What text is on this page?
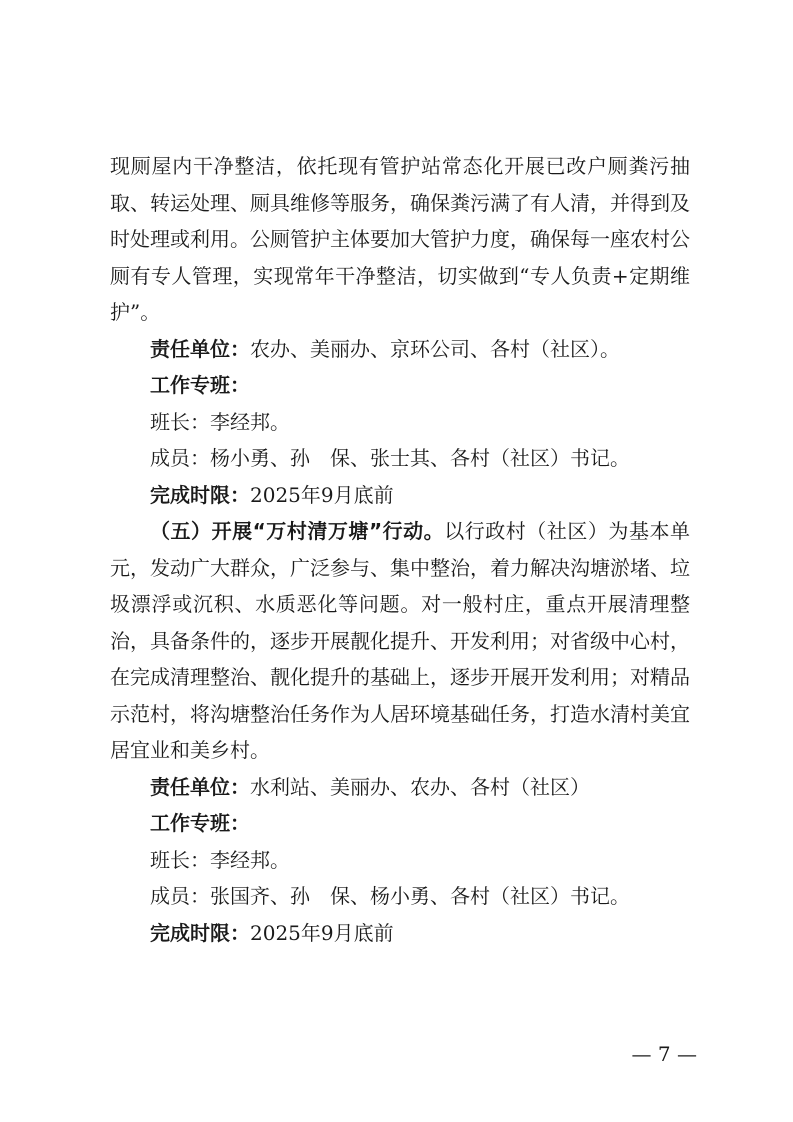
现厕屋内干净整洁，依托现有管护站常态化开展已改户厕粪污抽取、转运处理、厕具维修等服务，确保粪污满了有人清，并得到及时处理或利用。公厕管护主体要加大管护力度，确保每一座农村公厕有专人管理，实现常年干净整洁，切实做到“专人负责+定期维护”。

责任单位：农办、美丽办、京环公司、各村（社区）。

工作专班：

班长：李经邦。

成员：杨小勇、孙　保、张士其、各村（社区）书记。

完成时限：2025年9月底前

（五）开展“万村清万塘”行动。以行政村（社区）为基本单元，发动广大群众，广泛参与、集中整治，着力解决沟塘淤堵、垃圾漂浮或沉积、水质恶化等问题。对一般村庄，重点开展清理整治，具备条件的，逐步开展靓化提升、开发利用；对省级中心村，在完成清理整治、靓化提升的基础上，逐步开展开发利用；对精品示范村，将沟塘整治任务作为人居环境基础任务，打造水清村美宜居宜业和美乡村。

责任单位：水利站、美丽办、农办、各村（社区）

工作专班：

班长：李经邦。

成员：张国齐、孙　保、杨小勇、各村（社区）书记。

完成时限：2025年9月底前

— 7 —
